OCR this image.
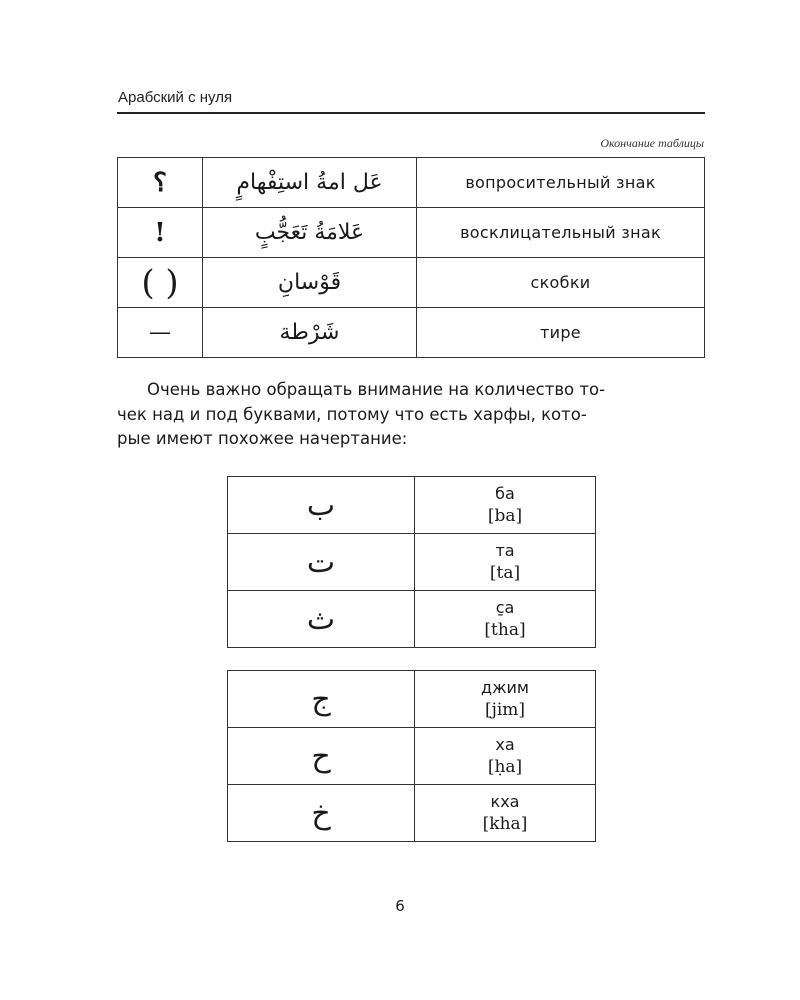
Арабский с нуля
Окончание таблицы
؟	عَل امةُ استِفْهامٍ	вопросительный знак
!	عَلامَةُ تَعَجُّبٍ	восклицательный знак
( )	قَوْسانِ	скобки
—	شَرْطة	тире

Очень важно обращать внимание на количество то-
чек над и под буквами, потому что есть харфы, кото-
рые имеют похожее начертание:

ب	ба
[ba]

ت	та
[ta]

ث	с̱а
[tha]
ج	джим
[jim]

ح	ха
[ḥa]

خ	кха
[kha]
6
